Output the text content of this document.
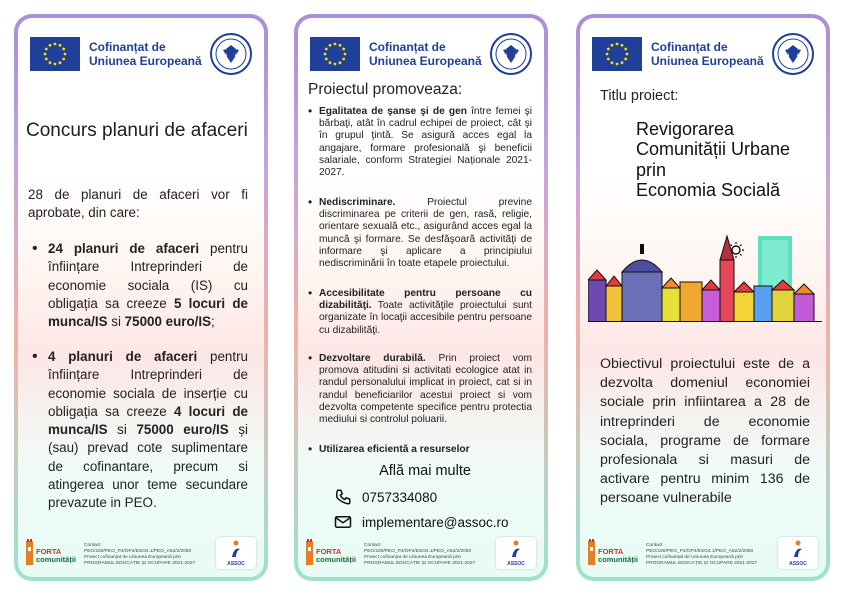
Cofinanțat de
Uniunea Europeană
Concurs planuri de afaceri
28 de planuri de afaceri vor fi aprobate, din care:
• 24 planuri de afaceri pentru înființare Intreprinderi de economie sociala (IS) cu obligația sa creeze 5 locuri de munca/IS si 75000 euro/IS;
• 4 planuri de afaceri pentru înființare Intreprinderi de economie sociala de inserție cu obligația sa creeze 4 locuri de munca/IS si 75000 euro/IS și (sau) prevad cote suplimentare de cofinantare, precum si atingerea unor teme secundare prevazute in PEO.
FORTA
comunității
Contact
PEO/160/PEO_P4/OP4/ESO4.1/PEO_A52/2/2050
Proiect cofinanțat de Uniunea Europeană prin
PROGRAMUL EDUCAȚIE ȘI OCUPARE 2021-2027	ASSOC
Cofinanțat de
Uniunea Europeană
Proiectul promoveaza:
• Egalitatea de şanse şi de gen între femei şi bărbaţi, atât în cadrul echipei de proiect, cât şi în grupul ţintă. Se asigură acces egal la angajare, formare profesională şi beneficii salariale, conform Strategiei Naționale 2021-2027.
• Nediscriminare. Proiectul previne discriminarea pe criterii de gen, rasă, religie, orientare sexuală etc., asigurând acces egal la muncă şi formare. Se desfăşoară activităţi de informare şi aplicare a principiului nediscriminării în toate etapele proiectului.
• Accesibilitate pentru persoane cu dizabilităţi. Toate activităţile proiectului sunt organizate în locaţii accesibile pentru persoane cu dizabilităţi.
• Dezvoltare durabilă. Prin proiect vom promova atitudini si activitati ecologice atat in randul personalului implicat in proiect, cat si in randul beneficiarilor acestui proiect si vom dezvolta competente specifice pentru protectia mediului si controlul poluarii.
• Utilizarea eficientă a resurselor
Află mai multe
0757334080
implementare@assoc.ro
FORTA
comunității
Contact
PEO/160/PEO_P4/OP4/ESO4.1/PEO_A52/2/2050
Proiect cofinanțat de Uniunea Europeană prin
PROGRAMUL EDUCAȚIE ȘI OCUPARE 2021-2027	ASSOC
Cofinanțat de
Uniunea Europeană
Titlu proiect:
Revigorarea
Comunității Urbane
prin
Economia Socială
Obiectivul proiectului este de a dezvolta domeniul economiei sociale prin infiintarea a 28 de intreprinderi de economie sociala, programe de formare profesionala si masuri de activare pentru minim 136 de persoane vulnerabile
FORTA
comunității
Contact
PEO/160/PEO_P4/OP4/ESO4.1/PEO_A52/2/2050
Proiect cofinanțat de Uniunea Europeană prin
PROGRAMUL EDUCAȚIE ȘI OCUPARE 2021-2027	ASSOC
